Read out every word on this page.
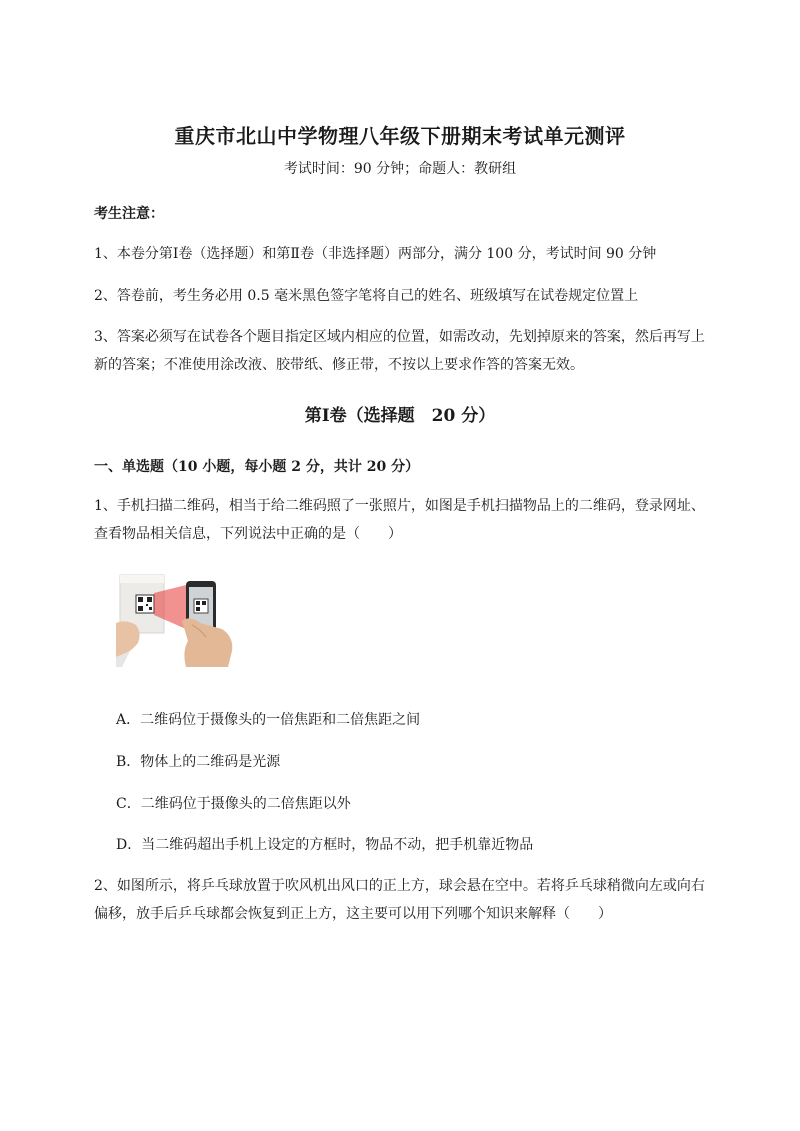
重庆市北山中学物理八年级下册期末考试单元测评
考试时间：90 分钟；命题人：教研组
考生注意：
1、本卷分第Ⅰ卷（选择题）和第Ⅱ卷（非选择题）两部分，满分 100 分，考试时间 90 分钟
2、答卷前，考生务必用 0.5 毫米黑色签字笔将自己的姓名、班级填写在试卷规定位置上
3、答案必须写在试卷各个题目指定区域内相应的位置，如需改动，先划掉原来的答案，然后再写上新的答案；不准使用涂改液、胶带纸、修正带，不按以上要求作答的答案无效。
第Ⅰ卷（选择题　20 分）
一、单选题（10 小题，每小题 2 分，共计 20 分）
1、手机扫描二维码，相当于给二维码照了一张照片，如图是手机扫描物品上的二维码，登录网址、查看物品相关信息，下列说法中正确的是（　　）
A．二维码位于摄像头的一倍焦距和二倍焦距之间
B．物体上的二维码是光源
C．二维码位于摄像头的二倍焦距以外
D．当二维码超出手机上设定的方框时，物品不动，把手机靠近物品
2、如图所示，将乒乓球放置于吹风机出风口的正上方，球会悬在空中。若将乒乓球稍微向左或向右偏移，放手后乒乓球都会恢复到正上方，这主要可以用下列哪个知识来解释（　　）
